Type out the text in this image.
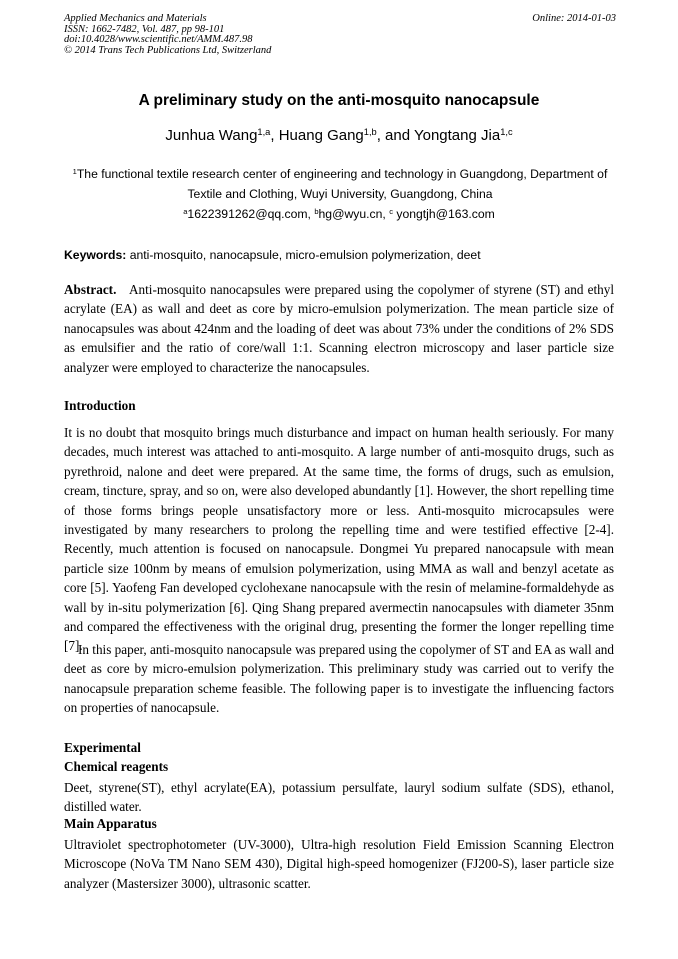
Applied Mechanics and Materials
ISSN: 1662-7482, Vol. 487, pp 98-101
doi:10.4028/www.scientific.net/AMM.487.98
© 2014 Trans Tech Publications Ltd, Switzerland
Online: 2014-01-03
A preliminary study on the anti-mosquito nanocapsule
Junhua Wang$^{1,a}$, Huang Gang$^{1,b}$, and Yongtang Jia$^{1,c}$
$^1$The functional textile research center of engineering and technology in Guangdong, Department of
Textile and Clothing, Wuyi University, Guangdong, China
$^a$1622391262@qq.com, $^b$hg@wyu.cn, $^c$ yongtjh@163.com
Keywords: anti-mosquito, nanocapsule, micro-emulsion polymerization, deet
Abstract. Anti-mosquito nanocapsules were prepared using the copolymer of styrene (ST) and ethyl acrylate (EA) as wall and deet as core by micro-emulsion polymerization. The mean particle size of nanocapsules was about 424nm and the loading of deet was about 73% under the conditions of 2% SDS as emulsifier and the ratio of core/wall 1:1. Scanning electron microscopy and laser particle size analyzer were employed to characterize the nanocapsules.
Introduction
It is no doubt that mosquito brings much disturbance and impact on human health seriously. For many decades, much interest was attached to anti-mosquito. A large number of anti-mosquito drugs, such as pyrethroid, nalone and deet were prepared. At the same time, the forms of drugs, such as emulsion, cream, tincture, spray, and so on, were also developed abundantly [1]. However, the short repelling time of those forms brings people unsatisfactory more or less. Anti-mosquito microcapsules were investigated by many researchers to prolong the repelling time and were testified effective [2-4]. Recently, much attention is focused on nanocapsule. Dongmei Yu prepared nanocapsule with mean particle size 100nm by means of emulsion polymerization, using MMA as wall and benzyl acetate as core [5]. Yaofeng Fan developed cyclohexane nanocapsule with the resin of melamine-formaldehyde as wall by in-situ polymerization [6]. Qing Shang prepared avermectin nanocapsules with diameter 35nm and compared the effectiveness with the original drug, presenting the former the longer repelling time [7].
In this paper, anti-mosquito nanocapsule was prepared using the copolymer of ST and EA as wall and deet as core by micro-emulsion polymerization. This preliminary study was carried out to verify the nanocapsule preparation scheme feasible. The following paper is to investigate the influencing factors on properties of nanocapsule.
Experimental
Chemical reagents
Deet, styrene(ST), ethyl acrylate(EA), potassium persulfate, lauryl sodium sulfate (SDS), ethanol, distilled water.
Main Apparatus
Ultraviolet spectrophotometer (UV-3000), Ultra-high resolution Field Emission Scanning Electron Microscope (NoVa TM Nano SEM 430), Digital high-speed homogenizer (FJ200-S), laser particle size analyzer (Mastersizer 3000), ultrasonic scatter.
